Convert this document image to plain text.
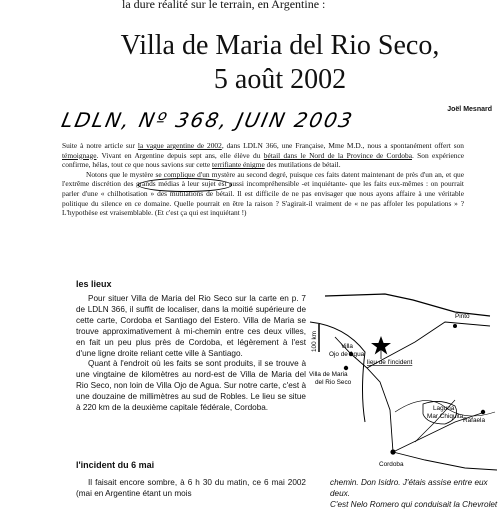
la dure réalité sur le terrain, en Argentine :
Villa de Maria del Rio Seco,
5 août 2002
Joël Mesnard
LDLN, Nº 368, JUIN 2003

Suite à notre article sur la vague argentine de 2002, dans LDLN 366, une Française, Mme M.D., nous a spontanément offert son témoignage. Vivant en Argentine depuis sept ans, elle élève du bétail dans le Nord de la Province de Cordoba. Son expérience confirme, hélas, tout ce que nous savions sur cette terrifiante énigme des mutilations de bétail.

Notons que le mystère se complique d'un mystère au second degré, puisque ces faits datent maintenant de près d'un an, et que l'extrême discrétion des grands médias à leur sujet est aussi incompréhensible -et inquiétante- que les faits eux-mêmes : on pourrait parler d'une « chilhotisation » des mutilations de bétail. Il est difficile de ne pas envisager que nous ayons affaire à une véritable politique du silence en ce domaine. Quelle pourrait en être la raison ? S'agirait-il vraiment de « ne pas affoler les populations » ? L'hypothèse est vraisemblable. (Et c'est ça qui est inquiétant !)

les lieux

Pour situer Villa de Maria del Rio Seco sur la carte en p. 7 de LDLN 366, il suffit de localiser, dans la moitié supérieure de cette carte, Cordoba et Santiago del Estero. Villa de Maria se trouve approximativement à mi-chemin entre ces deux villes, en fait un peu plus près de Cordoba, et légèrement à l'est d'une ligne droite reliant cette ville à Santiago.

Quant à l'endroit où les faits se sont produits, il se trouve à une vingtaine de kilomètres au nord-est de Villa de Maria del Rio Seco, non loin de Villa Ojo de Agua. Sur notre carte, c'est à une douzaine de millimètres au sud de Robles. Le lieu se situe à 220 km de la deuxième capitale fédérale, Cordoba.

l'incident du 6 mai

Il faisait encore sombre, à 6 h 30 du matin, ce 6 mai 2002 (mai en Argentine étant un mois

100 km
Pinto
Villa
Ojo de Agua
Villa de Maria
del Rio Seco
lieu de l'incident
Laguna
Mar Chiquita
Rafaela
Cordoba

chemin. Don Isidro. J'étais assise entre eux deux.

C'est Nelo Romero qui conduisait la Chevrolet
